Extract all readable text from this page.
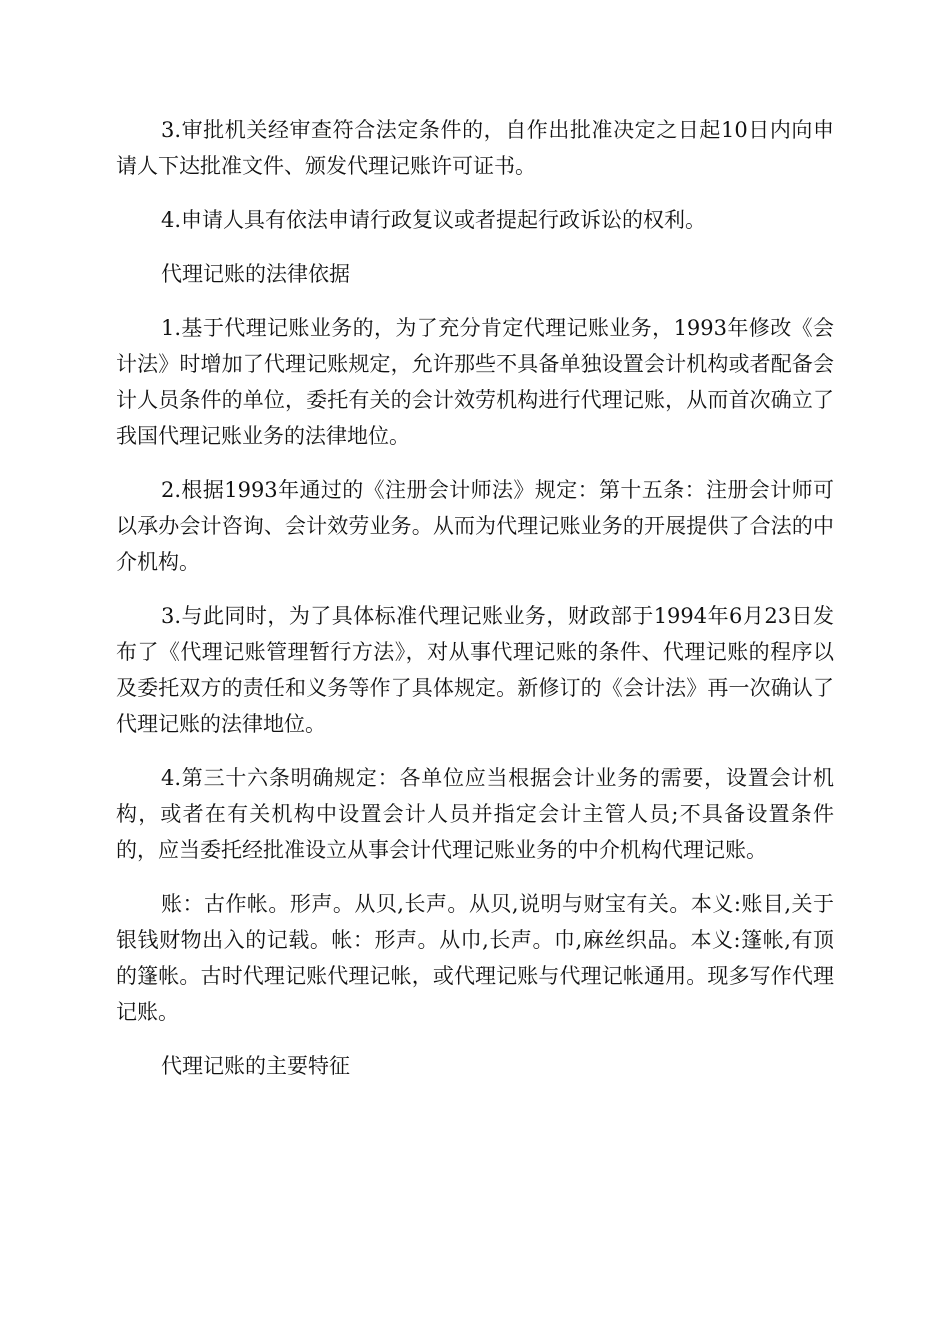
3.审批机关经审查符合法定条件的，自作出批准决定之日起10日内向申请人下达批准文件、颁发代理记账许可证书。

4.申请人具有依法申请行政复议或者提起行政诉讼的权利。

代理记账的法律依据

1.基于代理记账业务的，为了充分肯定代理记账业务，1993年修改《会计法》时增加了代理记账规定，允许那些不具备单独设置会计机构或者配备会计人员条件的单位，委托有关的会计效劳机构进行代理记账，从而首次确立了我国代理记账业务的法律地位。

2.根据1993年通过的《注册会计师法》规定：第十五条：注册会计师可以承办会计咨询、会计效劳业务。从而为代理记账业务的开展提供了合法的中介机构。

3.与此同时，为了具体标准代理记账业务，财政部于1994年6月23日发布了《代理记账管理暂行方法》，对从事代理记账的条件、代理记账的程序以及委托双方的责任和义务等作了具体规定。新修订的《会计法》再一次确认了代理记账的法律地位。

4.第三十六条明确规定：各单位应当根据会计业务的需要，设置会计机构，或者在有关机构中设置会计人员并指定会计主管人员;不具备设置条件的，应当委托经批准设立从事会计代理记账业务的中介机构代理记账。

账：古作帐。形声。从贝,长声。从贝,说明与财宝有关。本义:账目,关于银钱财物出入的记载。帐：形声。从巾,长声。巾,麻丝织品。本义:篷帐,有顶的篷帐。古时代理记账代理记帐，或代理记账与代理记帐通用。现多写作代理记账。

代理记账的主要特征
